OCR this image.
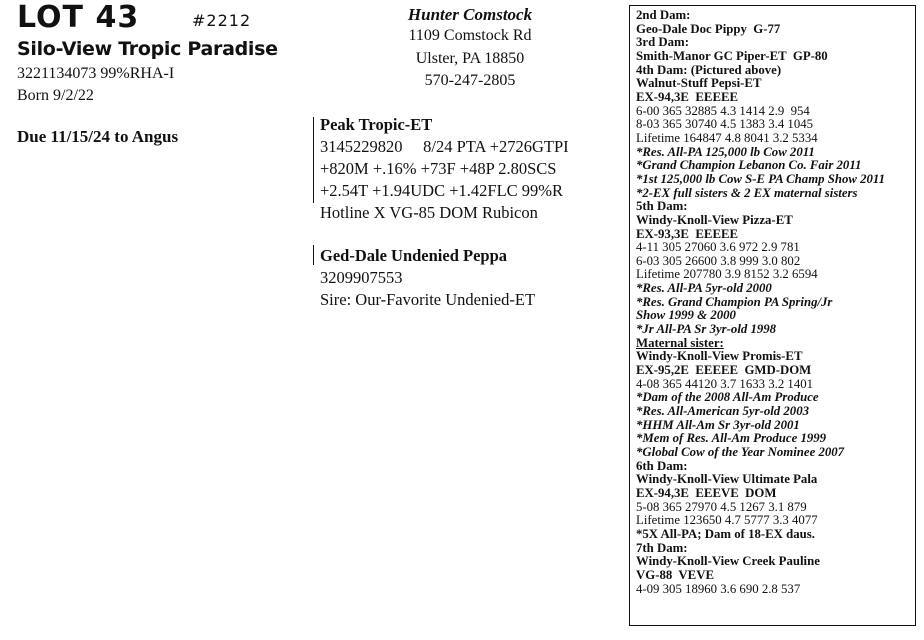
LOT 43	#2212
Silo-View Tropic Paradise
3221134073 99%RHA-I
Born 9/2/22
Due 11/15/24 to Angus
Hunter Comstock
1109 Comstock Rd
Ulster, PA 18850
570-247-2805
Peak Tropic-ET
3145229820     8/24 PTA +2726GTPI
+820M +.16% +73F +48P 2.80SCS
+2.54T +1.94UDC +1.42FLC 99%R
Hotline X VG-85 DOM Rubicon
Ged-Dale Undenied Peppa
3209907553
Sire: Our-Favorite Undenied-ET
2nd Dam:
Geo-Dale Doc Pippy  G-77
3rd Dam:
Smith-Manor GC Piper-ET  GP-80
4th Dam: (Pictured above)
Walnut-Stuff Pepsi-ET
EX-94,3E  EEEEE
6-00 365 32885 4.3 1414 2.9  954
8-03 365 30740 4.5 1383 3.4 1045
Lifetime 164847 4.8 8041 3.2 5334
*Res. All-PA 125,000 lb Cow 2011
*Grand Champion Lebanon Co. Fair 2011
*1st 125,000 lb Cow S-E PA Champ Show 2011
*2-EX full sisters & 2 EX maternal sisters
5th Dam:
Windy-Knoll-View Pizza-ET
EX-93,3E  EEEEE
4-11 305 27060 3.6 972 2.9 781
6-03 305 26600 3.8 999 3.0 802
Lifetime 207780 3.9 8152 3.2 6594
*Res. All-PA 5yr-old 2000
*Res. Grand Champion PA Spring/Jr
Show 1999 & 2000
*Jr All-PA Sr 3yr-old 1998
Maternal sister:
Windy-Knoll-View Promis-ET
EX-95,2E  EEEEE  GMD-DOM
4-08 365 44120 3.7 1633 3.2 1401
*Dam of the 2008 All-Am Produce
*Res. All-American 5yr-old 2003
*HHM All-Am Sr 3yr-old 2001
*Mem of Res. All-Am Produce 1999
*Global Cow of the Year Nominee 2007
6th Dam:
Windy-Knoll-View Ultimate Pala
EX-94,3E  EEEVE  DOM
5-08 365 27970 4.5 1267 3.1 879
Lifetime 123650 4.7 5777 3.3 4077
*5X All-PA; Dam of 18-EX daus.
7th Dam:
Windy-Knoll-View Creek Pauline
VG-88  VEVE
4-09 305 18960 3.6 690 2.8 537
